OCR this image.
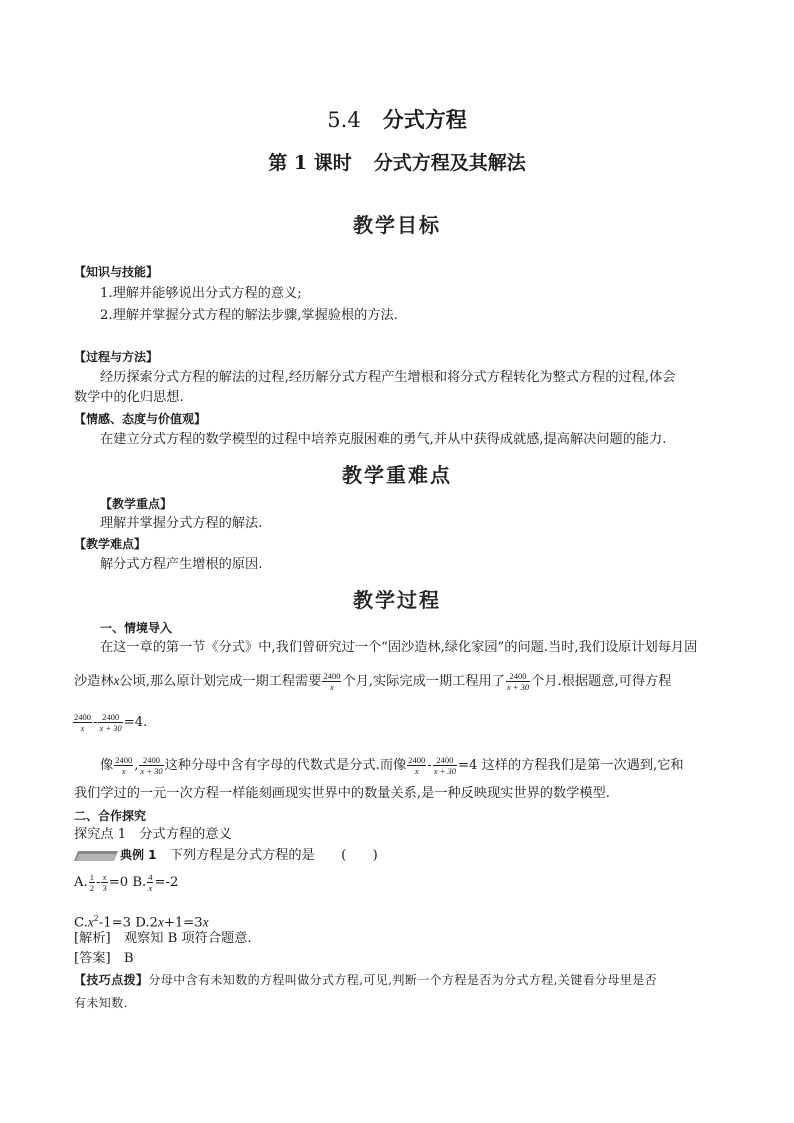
5.4 分式方程
第 1 课时 分式方程及其解法
教学目标
【知识与技能】
1.理解并能够说出分式方程的意义;
2.理解并掌握分式方程的解法步骤,掌握验根的方法.
【过程与方法】
经历探索分式方程的解法的过程,经历解分式方程产生增根和将分式方程转化为整式方程的过程,体会
数学中的化归思想.
【情感、态度与价值观】
在建立分式方程的数学模型的过程中培养克服困难的勇气,并从中获得成就感,提高解决问题的能力.
教学重难点
【教学重点】
理解并掌握分式方程的解法.
【教学难点】
解分式方程产生增根的原因.
教学过程
一、情境导入
在这一章的第一节《分式》中,我们曾研究过一个“固沙造林,绿化家园”的问题.当时,我们设原计划每月固
沙造林x公顷,那么原计划完成一期工程需要 $\frac{2400}{x}$ 个月,实际完成一期工程用了 $\frac{2400}{x + 30}$ 个月.根据题意,可得方程
$\frac{2400}{x} - \frac{2400}{x + 30} =4$.
像 $\frac{2400}{x}$ , $\frac{2400}{x + 30}$ 这种分母中含有字母的代数式是分式.而像 $\frac{2400}{x} - \frac{2400}{x + 30} =4$ 这样的方程我们是第一次遇到,它和
我们学过的一元一次方程一样能刻画现实世界中的数量关系,是一种反映现实世界的数学模型.
二、合作探究
探究点 1　分式方程的意义
典例 1　 下列方程是分式方程的是　　(　　)
A. $\frac{1}{2} - \frac{x}{3} =0$ B. $\frac{4}{x} =-2$
$C.x^2-1=3$ D.2x+1=3x
[解析]　 观察知 B 项符合题意.
[答案]　 B
【技巧点拨】分母中含有未知数的方程叫做分式方程,可见,判断一个方程是否为分式方程,关键看分母里是否
有未知数.
